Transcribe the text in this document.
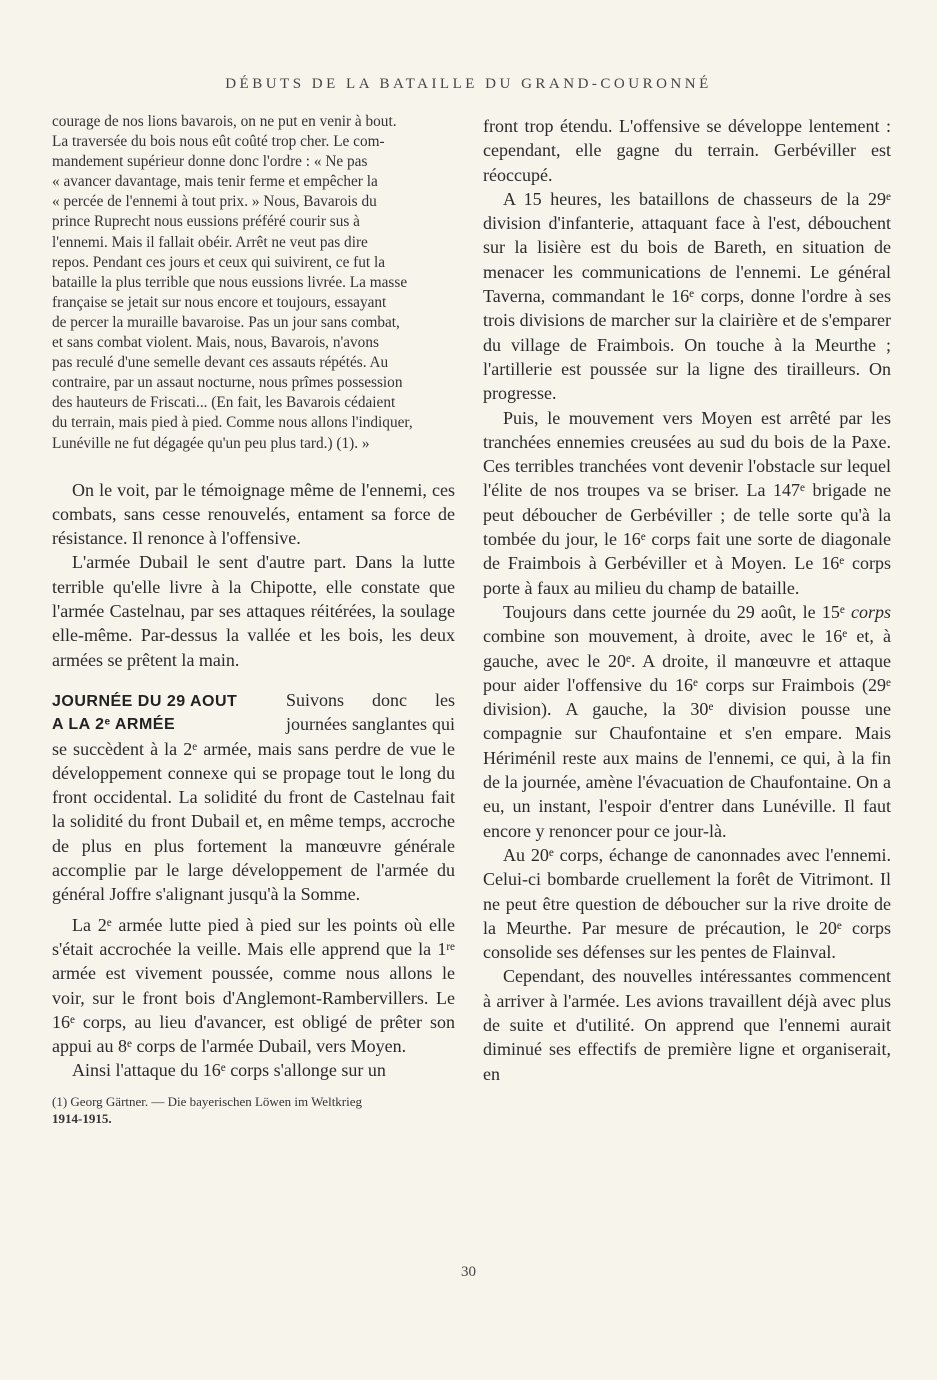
DÉBUTS DE LA BATAILLE DU GRAND-COURONNÉ

courage de nos lions bavarois, on ne put en venir à bout.

La traversée du bois nous eût coûté trop cher. Le com-

mandement supérieur donne donc l'ordre : « Ne pas

« avancer davantage, mais tenir ferme et empêcher la

« percée de l'ennemi à tout prix. » Nous, Bavarois du

prince Ruprecht nous eussions préféré courir sus à

l'ennemi. Mais il fallait obéir. Arrêt ne veut pas dire

repos. Pendant ces jours et ceux qui suivirent, ce fut la

bataille la plus terrible que nous eussions livrée. La masse

française se jetait sur nous encore et toujours, essayant

de percer la muraille bavaroise. Pas un jour sans combat,

et sans combat violent. Mais, nous, Bavarois, n'avons

pas reculé d'une semelle devant ces assauts répétés. Au

contraire, par un assaut nocturne, nous prîmes possession

des hauteurs de Friscati... (En fait, les Bavarois cédaient

du terrain, mais pied à pied. Comme nous allons l'indiquer,

Lunéville ne fut dégagée qu'un peu plus tard.) (1). »

On le voit, par le témoignage même de l'ennemi, ces combats, sans cesse renouvelés, entament sa force de résistance. Il renonce à l'offensive.

L'armée Dubail le sent d'autre part. Dans la lutte terrible qu'elle livre à la Chipotte, elle constate que l'armée Castelnau, par ses attaques réitérées, la soulage elle-même. Par-dessus la vallée et les bois, les deux armées se prêtent la main.

JOURNÉE DU 29 AOUT
A LA 2e ARMÉE
Suivons donc les journées sanglantes qui se succèdent à la 2e armée, mais sans perdre de vue le développement connexe qui se propage tout le long du front occidental. La solidité du front de Castelnau fait la solidité du front Dubail et, en même temps, accroche de plus en plus fortement la manœuvre générale accomplie par le large développement de l'armée du général Joffre s'alignant jusqu'à la Somme.

La 2e armée lutte pied à pied sur les points où elle s'était accrochée la veille. Mais elle apprend que la 1re armée est vivement poussée, comme nous allons le voir, sur le front bois d'Anglemont-Rambervillers. Le 16e corps, au lieu d'avancer, est obligé de prêter son appui au 8e corps de l'armée Dubail, vers Moyen.

Ainsi l'attaque du 16e corps s'allonge sur un

(1) Georg Gärtner. — Die bayerischen Löwen im Weltkrieg
1914-1915.

front trop étendu. L'offensive se développe lentement : cependant, elle gagne du terrain. Gerbéviller est réoccupé.

A 15 heures, les bataillons de chasseurs de la 29e division d'infanterie, attaquant face à l'est, débouchent sur la lisière est du bois de Bareth, en situation de menacer les communications de l'ennemi. Le général Taverna, commandant le 16e corps, donne l'ordre à ses trois divisions de marcher sur la clairière et de s'emparer du village de Fraimbois. On touche à la Meurthe ; l'artillerie est poussée sur la ligne des tirailleurs. On progresse.

Puis, le mouvement vers Moyen est arrêté par les tranchées ennemies creusées au sud du bois de la Paxe. Ces terribles tranchées vont devenir l'obstacle sur lequel l'élite de nos troupes va se briser. La 147e brigade ne peut déboucher de Gerbéviller ; de telle sorte qu'à la tombée du jour, le 16e corps fait une sorte de diagonale de Fraimbois à Gerbéviller et à Moyen. Le 16e corps porte à faux au milieu du champ de bataille.

Toujours dans cette journée du 29 août, le 15e corps combine son mouvement, à droite, avec le 16e et, à gauche, avec le 20e. A droite, il manœuvre et attaque pour aider l'offensive du 16e corps sur Fraimbois (29e division). A gauche, la 30e division pousse une compagnie sur Chaufontaine et s'en empare. Mais Hériménil reste aux mains de l'ennemi, ce qui, à la fin de la journée, amène l'évacuation de Chaufontaine. On a eu, un instant, l'espoir d'entrer dans Lunéville. Il faut encore y renoncer pour ce jour-là.

Au 20e corps, échange de canonnades avec l'ennemi. Celui-ci bombarde cruellement la forêt de Vitrimont. Il ne peut être question de déboucher sur la rive droite de la Meurthe. Par mesure de précaution, le 20e corps consolide ses défenses sur les pentes de Flainval.

Cependant, des nouvelles intéressantes commencent à arriver à l'armée. Les avions travaillent déjà avec plus de suite et d'utilité. On apprend que l'ennemi aurait diminué ses effectifs de première ligne et organiserait, en

30
